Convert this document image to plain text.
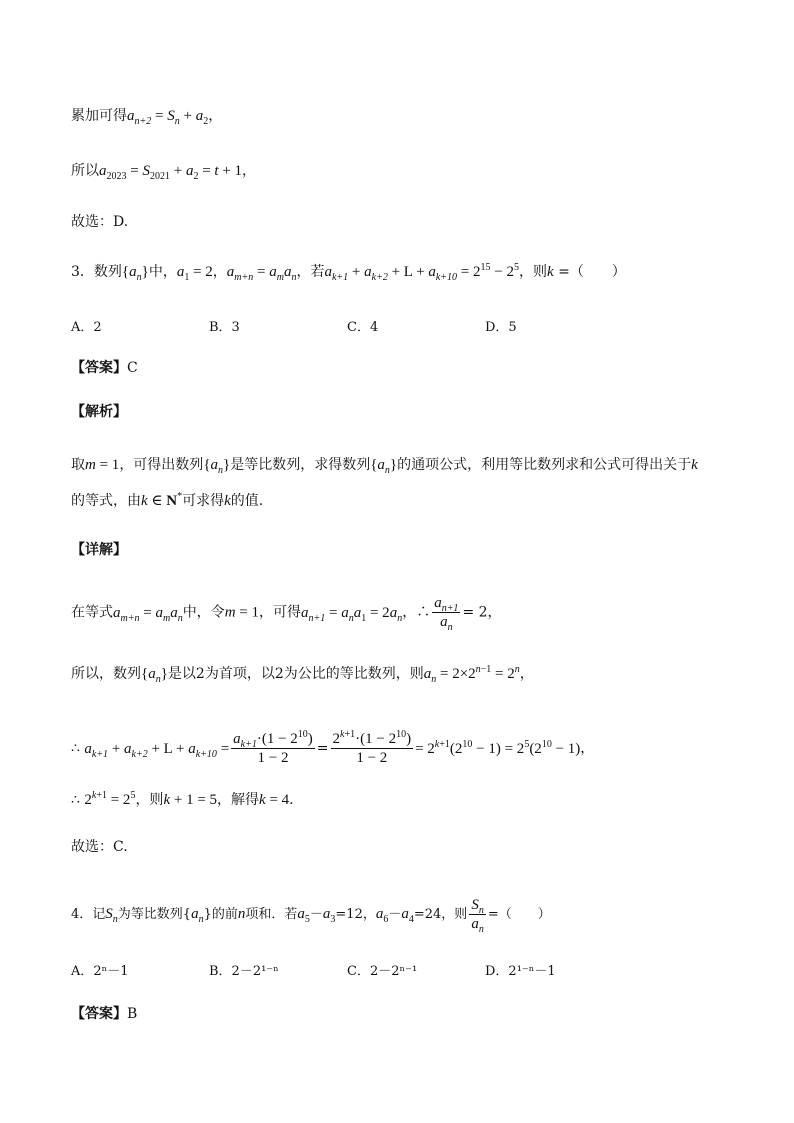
累加可得$a_{n+2} = S_n + a_2$，
所以$a_{2023} = S_{2021} + a_2 = t + 1$，
故选：D.
3．数列$\{a_n\}$中，$a_1 = 2$，$a_{m+n} = a_ma_n$，若$a_{k+1} + a_{k+2} + L + a_{k+10} = 2^{15} - 2^5$，则k =（　　）
A．2	B．3	C．4	D．5
【答案】C
【解析】
取m = 1，可得出数列$\{a_n\}$是等比数列，求得数列$\{a_n\}$的通项公式，利用等比数列求和公式可得出关于k
的等式，由k ∈ N*可求得k的值.
【详解】
在等式$a_{m+n} = a_ma_n$中，令m = 1，可得$a_{n+1} = a_na_1 = 2a_n$，∴ $\frac{a_{n+1}}{a_n} = 2$，
所以，数列$\{a_n\}$是以2为首项，以2为公比的等比数列，则$a_n = 2\times 2^{n-1} = 2^n$，
∴ $a_{k+1} + a_{k+2} + L + a_{k+10} = \frac{a_{k+1}\cdot(1 - 2^{10})}{1 - 2} = \frac{2^{k+1}\cdot(1 - 2^{10})}{1 - 2} = 2^{k+1}(2^{10} - 1) = 2^5(2^{10} - 1)$，
∴ $2^{k+1} = 2^5$，则k + 1 = 5，解得k = 4.
故选：C.
4．记$S_n$为等比数列$\{a_n\}$的前n项和．若$a_5-a_3=12$，$a_6-a_4=24$，则 $\frac{S_n}{a_n}$ =（　　）
A．2ⁿ－1	B．2－2¹⁻ⁿ	C．2－2ⁿ⁻¹	D．2¹⁻ⁿ－1
【答案】B
